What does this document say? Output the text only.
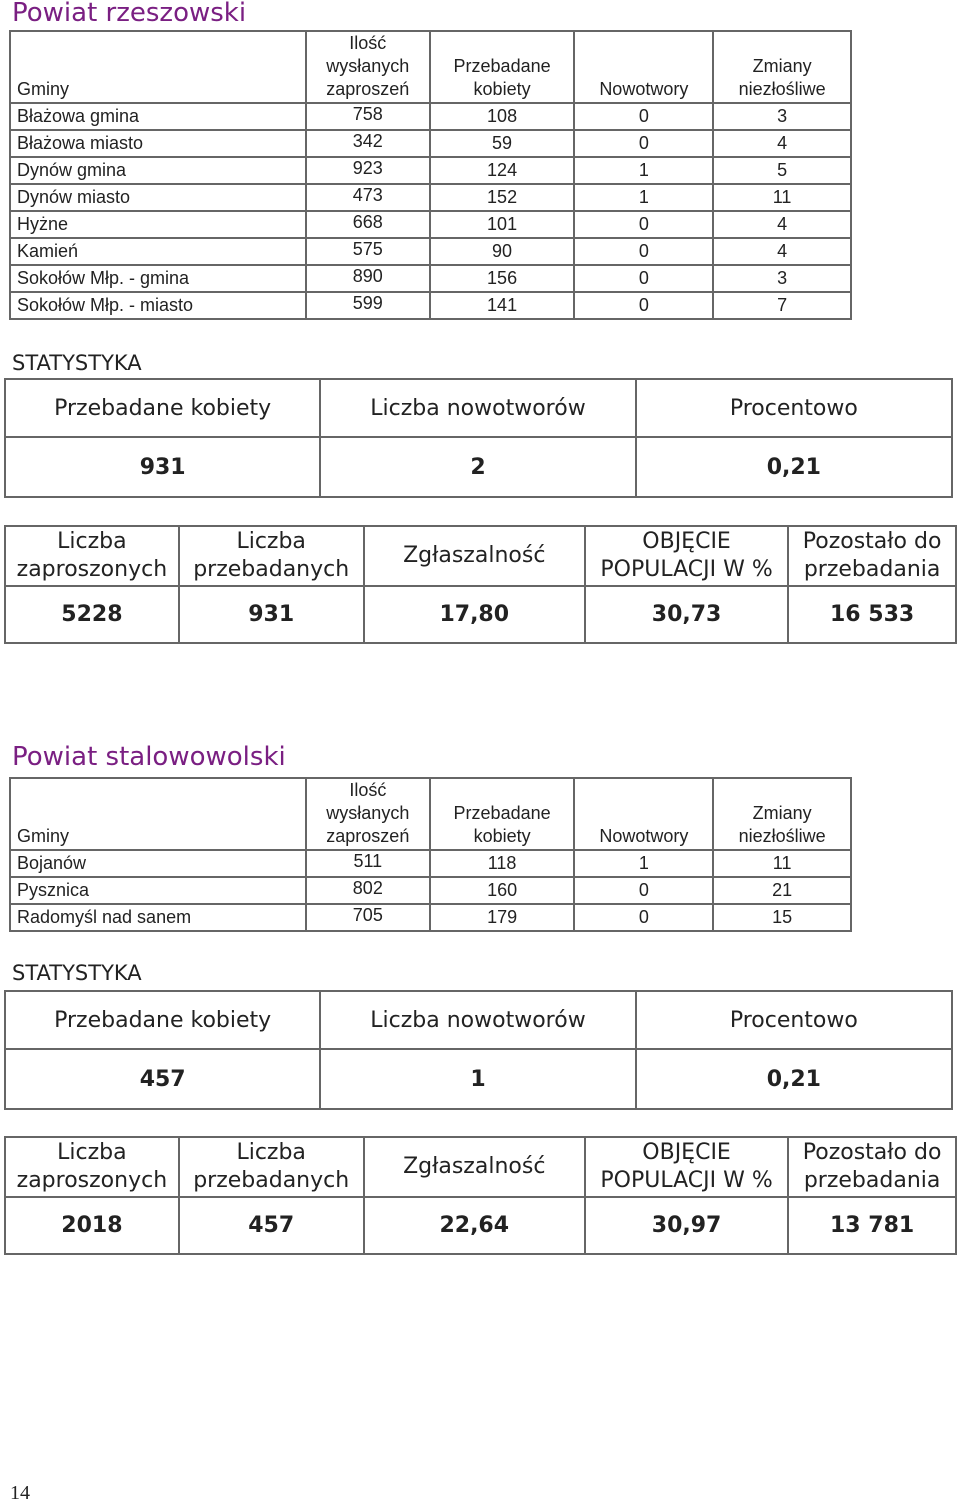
Powiat rzeszowski
Gminy	Ilość wysłanych zaproszeń	Przebadane kobiety	Nowotwory	Zmiany niezłośliwe
Błażowa gmina	758	108	0	3
Błażowa miasto	342	59	0	4
Dynów gmina	923	124	1	5
Dynów miasto	473	152	1	11
Hyżne	668	101	0	4
Kamień	575	90	0	4
Sokołów Młp. - gmina	890	156	0	3
Sokołów Młp. - miasto	599	141	0	7
STATYSTYKA
Przebadane kobiety	Liczba nowotworów	Procentowo
931	2	0,21
Liczba zaproszonych	Liczba przebadanych	Zgłaszalność	OBJĘCIE POPULACJI W %	Pozostało do przebadania
5228	931	17,80	30,73	16 533
Powiat stalowowolski
Gminy	Ilość wysłanych zaproszeń	Przebadane kobiety	Nowotwory	Zmiany niezłośliwe
Bojanów	511	118	1	11
Pysznica	802	160	0	21
Radomyśl nad sanem	705	179	0	15
STATYSTYKA
Przebadane kobiety	Liczba nowotworów	Procentowo
457	1	0,21
Liczba zaproszonych	Liczba przebadanych	Zgłaszalność	OBJĘCIE POPULACJI W %	Pozostało do przebadania
2018	457	22,64	30,97	13 781
14
